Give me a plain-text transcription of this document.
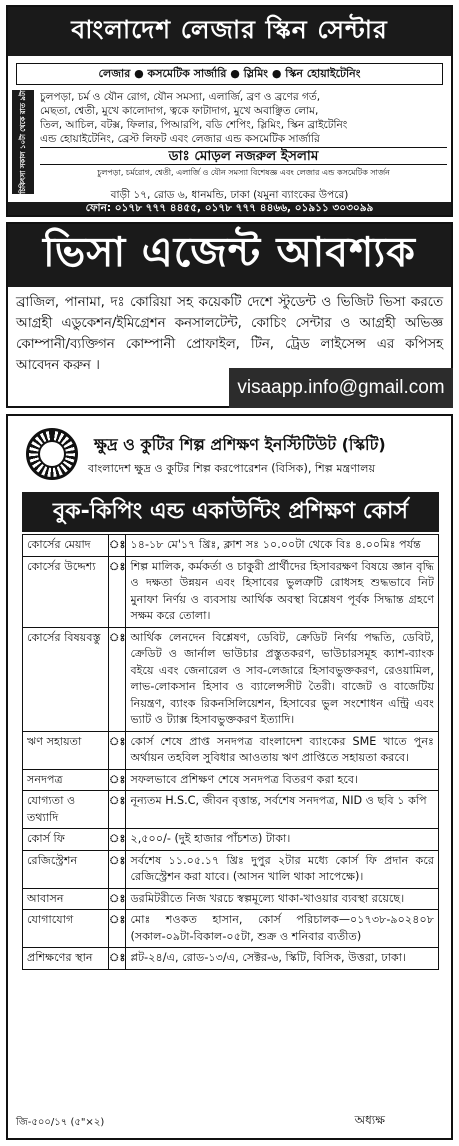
বাংলাদেশ লেজার স্কিন সেন্টার
লেজার ● কসমেটিক সার্জারি ● স্লিমিং ● স্কিন হোয়াইটেনিং
চিকিৎসা সকাল ১০টা থেকে রাত ৯টা চুলপড়া, চর্ম ও যৌন রোগ, যৌন সমস্যা, এলার্জি, ব্রণ ও ব্রণের গর্ত,

মেছতা, শ্বেতী, মুখে কালোদাগ, ত্বকে ফাটাদাগ, মুখে অবাঞ্ছিত লোম,

তিল, আচিল, বটক্স, ফিলার, পিআরপি, বডি শেপিং, স্লিমিং, স্কিন ব্রাইটেনিং

এন্ড হোয়াইটেনিং, ব্রেস্ট লিফট এবং লেজার এন্ড কসমেটিক সার্জারি

ডাঃ মোড়ল নজরুল ইসলাম
চুলপড়া, চর্মরোগ, শ্বেতী, এলার্জি ও যৌন সমস্যা বিশেষজ্ঞ এবং লেজার এন্ড কসমেটিক সার্জন
বাড়ী ১৭, রোড ৬, ধানমন্ডি, ঢাকা (যমুনা ব্যাংকের উপরে)
ফোন: ০১৭৮ ৭৭৭ ৪৪৫৫, ০১৭৮ ৭৭৭ ৪৪৬৬, ০১৯১১ ৩০৩০৯৯
ভিসা এজেন্ট আবশ্যক

ব্রাজিল, পানামা, দঃ কোরিয়া সহ কয়েকটি দেশে স্টুডেন্ট ও ভিজিট ভিসা করতে আগ্রহী এডুকেশন/ইমিগ্রেশন কনসালটেন্ট, কোচিং সেন্টার ও আগ্রহী অভিজ্ঞ কোম্পানী/ব্যক্তিগন কোম্পানী প্রোফাইল, টিন, ট্রেড লাইসেন্স এর কপিসহ আবেদন করুন ।

visaapp.info@gmail.com
ক্ষুদ্র ও কুটির শিল্প প্রশিক্ষণ ইনস্টিটিউট (স্কিটি)
বাংলাদেশ ক্ষুদ্র ও কুটির শিল্প করপোরেশন (বিসিক), শিল্প মন্ত্রণালয়
বুক-কিপিং এন্ড একাউন্টিং প্রশিক্ষণ কোর্স
কোর্সের মেয়াদ	ঃ	১৪-১৮ মে'১৭ খ্রিঃ, ক্লাশ সঃ ১০.০০টা থেকে বিঃ ৪.০০মিঃ পর্যন্ত
কোর্সের উদ্দেশ্য	ঃ	শিল্প মালিক, কর্মকর্তা ও চাকুরী প্রার্থীদের হিসাবরক্ষণ বিষয়ে জ্ঞান বৃদ্ধি ও দক্ষতা উন্নয়ন এবং হিসাবের ভুলত্রুটি রোধসহ শুদ্ধভাবে নিট মুনাফা নির্ণয় ও ব্যবসায় আর্থিক অবস্থা বিশ্লেষণ পূর্বক সিদ্ধান্ত গ্রহণে সক্ষম করে তোলা।
কোর্সের বিষয়বস্তু	ঃ	আর্থিক লেনদেন বিশ্লেষণ, ডেবিট, ক্রেডিট নির্ণয় পদ্ধতি, ডেবিট, ক্রেডিট ও জার্নাল ভাউচার প্রস্তুতকরণ, ভাউচারসমূহ ক্যাশ-ব্যাংক বইয়ে এবং জেনারেল ও সাব-লেজারে হিসাবভুক্তকরণ, রেওয়ামিল, লাভ-লোকসান হিসাব ও ব্যালেন্সসীট তৈরী। বাজেট ও বাজেটিয় নিয়ন্ত্রণ, ব্যাংক রিকনসিলিয়েশন, হিসাবের ভুল সংশোধন এন্ট্রি এবং ভ্যাট ও ট্যাক্স হিসাবভুক্তকরণ ইত্যাদি।
ঋণ সহায়তা	ঃ	কোর্স শেষে প্রাপ্ত সনদপত্র বাংলাদেশ ব্যাংকের SME খাতে পুনঃ অর্থায়ন তহবিল সুবিধার আওতায় ঋণ প্রাপ্তিতে সহায়তা করবে।
সনদপত্র	ঃ	সফলভাবে প্রশিক্ষণ শেষে সনদপত্র বিতরণ করা হবে।
যোগ্যতা ও তথ্যাদি	ঃ	নূন্যতম H.S.C, জীবন বৃত্তান্ত, সর্বশেষ সনদপত্র, NID ও ছবি ১ কপি
কোর্স ফি	ঃ	২,৫০০/- (দুই হাজার পাঁচশত) টাকা।
রেজিস্ট্রেশন	ঃ	সর্বশেষ ১১.০৫.১৭ খ্রিঃ দুপুর ২টার মধ্যে কোর্স ফি প্রদান করে রেজিস্ট্রেশন করা যাবে। (আসন খালি থাকা সাপেক্ষে)।
আবাসন	ঃ	ডরমিটরীতে নিজ খরচে স্বল্পমূল্যে থাকা-খাওয়ার ব্যবস্থা রয়েছে।
যোগাযোগ	ঃ	মোঃ শওকত হাসান, কোর্স পরিচালক—০১৭৩৮-৯০২৪০৮ (সকাল-০৯টা-বিকাল-০৫টা, শুক্র ও শনিবার ব্যতীত)
প্রশিক্ষণের স্থান	ঃ	প্লট-২৪/এ, রোড-১৩/এ, সেক্টর-৬, স্কিটি, বিসিক, উত্তরা, ঢাকা।
জি-৫০০/১৭ (৫"×২)	অধ্যক্ষ
